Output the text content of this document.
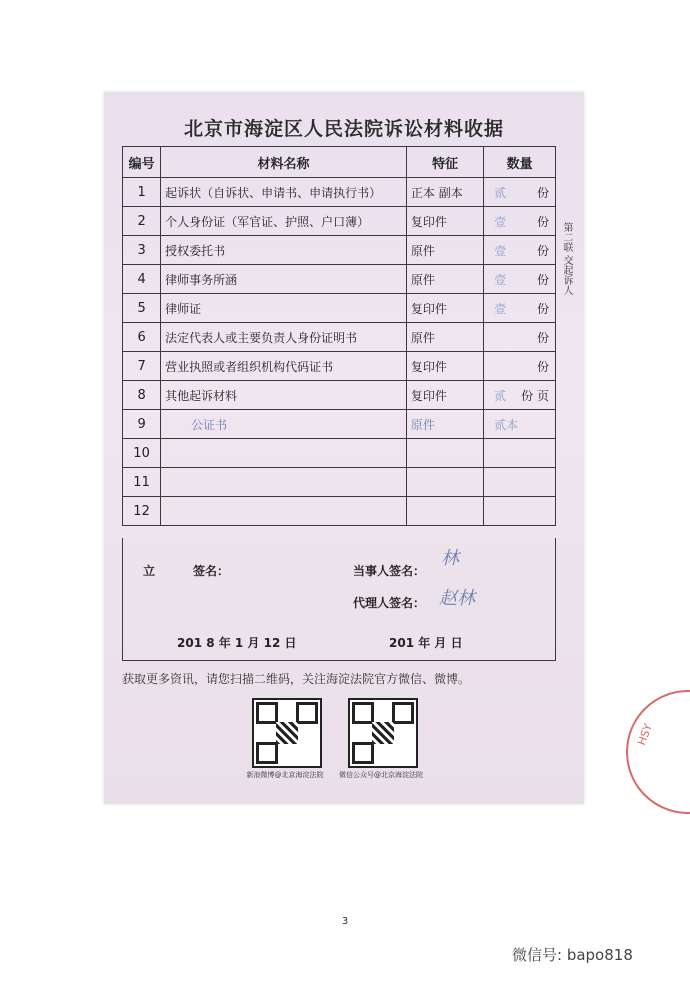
北京市海淀区人民法院诉讼材料收据
编号	材料名称	特征	数量
1	起诉状（自诉状、申请书、申请执行书）	正本 副本	贰 份
2	个人身份证（军官证、护照、户口薄）	复印件	壹 份
3	授权委托书	原件	壹 份
4	律师事务所涵	原件	壹 份
5	律师证	复印件	壹 份
6	法定代表人或主要负责人身份证明书	原件	份
7	营业执照或者组织机构代码证书	复印件	份
8	其他起诉材料	复印件	贰 份 页
9	公证书	原件	贰本

10			

11			

12			
立	签名：	当事人签名：
林
代理人签名： 赵林
201 8 年 1 月 12 日	201 年 月 日
获取更多资讯，请您扫描二维码，关注海淀法院官方微信、微博。
新浪微博@北京海淀法院	微信公众号@北京海淀法院
第二联 交起诉人
HSY
3
微信号: bapo818
